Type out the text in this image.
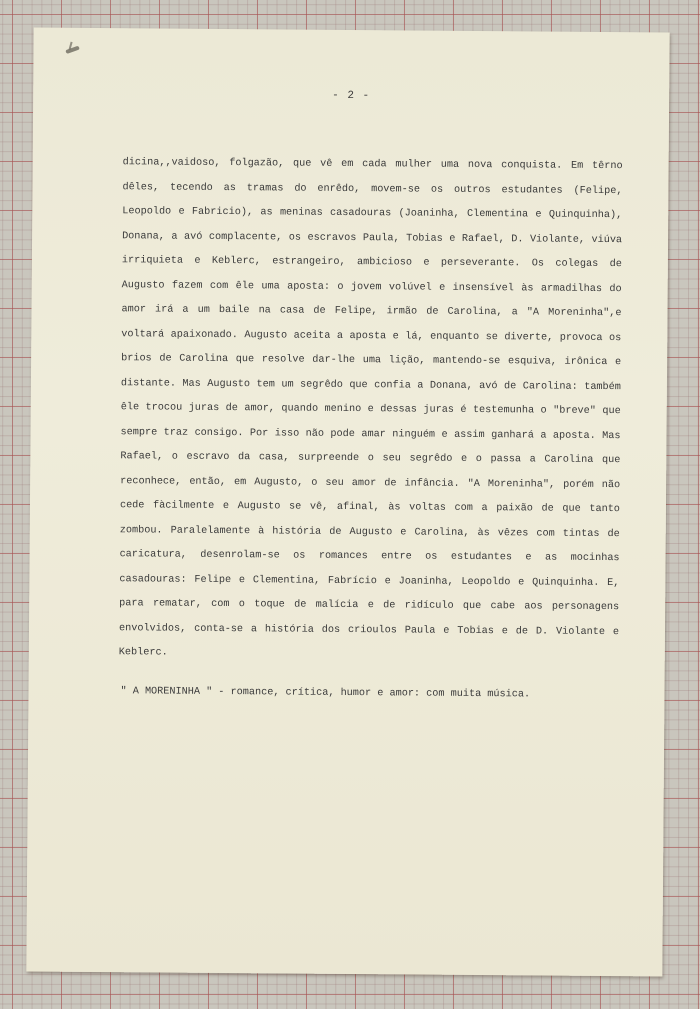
- 2 -

dicina,,vaidoso, folgazão, que vê em cada mulher uma nova conquista. Em têrno dêles, tecendo as tramas do enrêdo, movem-se os outros estudantes (Felipe, Leopoldo e Fabricio), as meninas casadouras (Joaninha, Clementina e Quinquinha), Donana, a avó complacente, os escravos Paula, Tobias e Rafael, D. Violante, viúva irriquieta e Keblerc, estrangeiro, ambicioso e perseverante. Os colegas de Augusto fazem com êle uma aposta: o jovem volúvel e insensível às armadilhas do amor irá a um baile na casa de Felipe, irmão de Carolina, a "A Moreninha",e voltará apaixonado. Augusto aceita a aposta e lá, enquanto se diverte, provoca os brios de Carolina que resolve dar-lhe uma lição, mantendo-se esquiva, irônica e distante. Mas Augusto tem um segrêdo que confia a Donana, avó de Carolina: também êle trocou juras de amor, quando menino e dessas juras é testemunha o "breve" que sempre traz consigo. Por isso não pode amar ninguém e assim ganhará a aposta. Mas Rafael, o escravo da casa, surpreende o seu segrêdo e o passa a Carolina que reconhece, então, em Augusto, o seu amor de infância. "A Moreninha", porém não cede fàcilmente e Augusto se vê, afinal, às voltas com a paixão de que tanto zombou. Paralelamente à história de Augusto e Carolina, às vêzes com tintas de caricatura, desenrolam-se os romances entre os estudantes e as mocinhas casadouras: Felipe e Clementina, Fabrício e Joaninha, Leopoldo e Quinquinha. E, para rematar, com o toque de malícia e de ridículo que cabe aos personagens envolvidos, conta-se a história dos crioulos Paula e Tobias e de D. Violante e Keblerc.

" A MORENINHA " - romance, crítica, humor e amor: com muita música.
